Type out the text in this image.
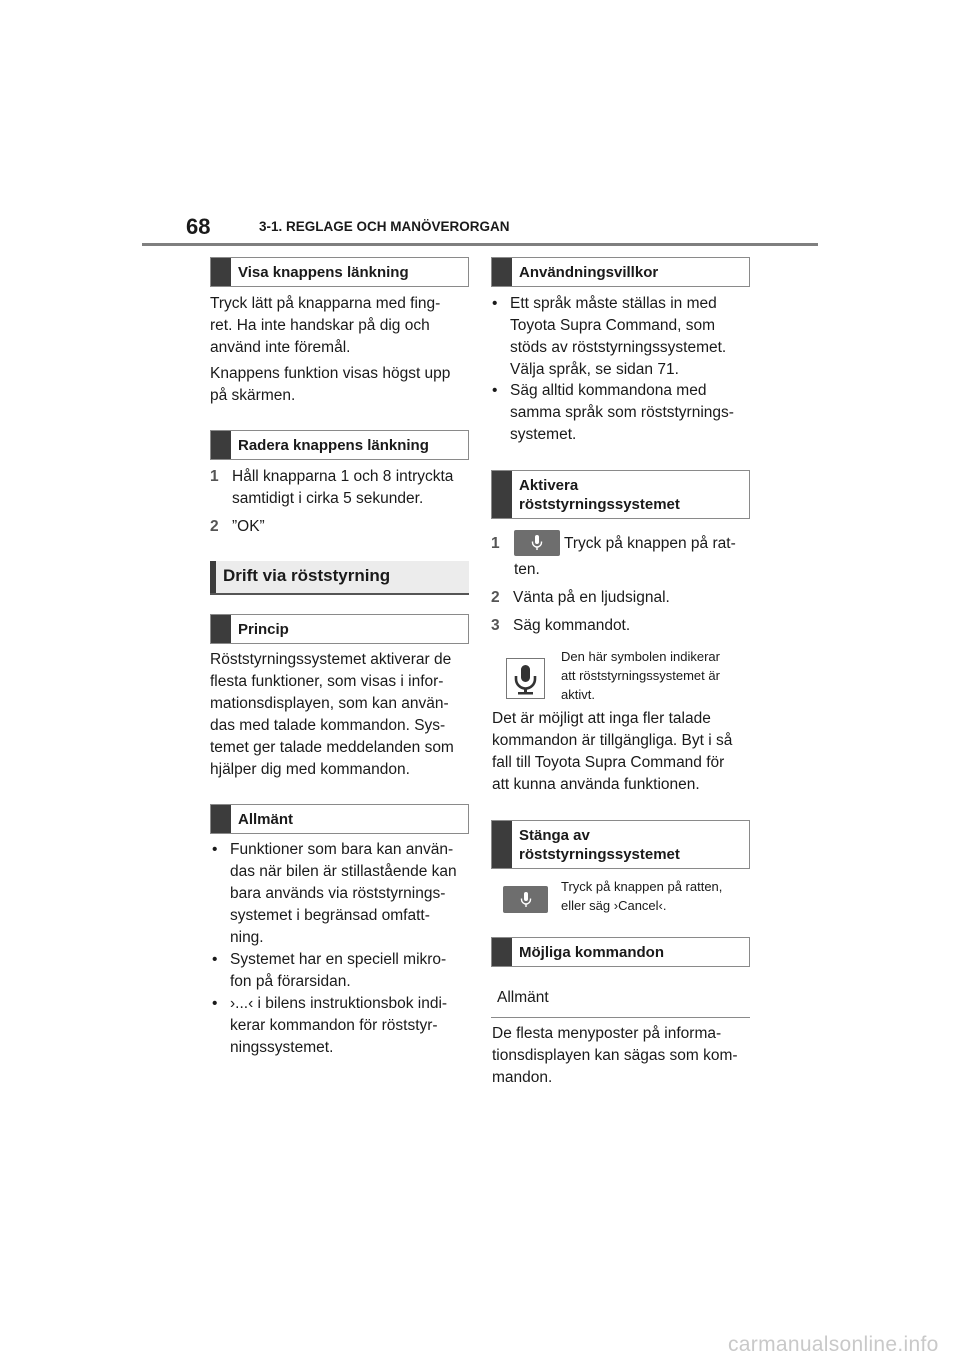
68	3-1. REGLAGE OCH MANÖVERORGAN
Visa knappens länkning
Tryck lätt på knapparna med fing-
ret. Ha inte handskar på dig och
använd inte föremål.
Knappens funktion visas högst upp
på skärmen.
Radera knappens länkning
1 Håll knapparna 1 och 8 intryckta
samtidigt i cirka 5 sekunder.
2 ”OK”
Drift via röststyrning
Princip
Röststyrningssystemet aktiverar de
flesta funktioner, som visas i infor-
mationsdisplayen, som kan använ-
das med talade kommandon. Sys-
temet ger talade meddelanden som
hjälper dig med kommandon.
Allmänt
• Funktioner som bara kan använ-
das när bilen är stillastående kan
bara används via röststyrnings-
systemet i begränsad omfatt-
ning.
• Systemet har en speciell mikro-
fon på förarsidan.
• ›...‹ i bilens instruktionsbok indi-
kerar kommandon för röststyr-
ningssystemet.
Användningsvillkor
• Ett språk måste ställas in med
Toyota Supra Command, som
stöds av röststyrningssystemet.
Välja språk, se sidan 71.
• Säg alltid kommandona med
samma språk som röststyrnings-
systemet.
Aktivera
röststyrningssystemet
1	Tryck på knappen på rat-
ten.
2 Vänta på en ljudsignal.
3 Säg kommandot.
Den här symbolen indikerar
att röststyrningssystemet är
aktivt.
Det är möjligt att inga fler talade
kommandon är tillgängliga. Byt i så
fall till Toyota Supra Command för
att kunna använda funktionen.
Stänga av
röststyrningssystemet
Tryck på knappen på ratten,
eller säg ›Cancel‹.
Möjliga kommandon
Allmänt
De flesta menyposter på informa-
tionsdisplayen kan sägas som kom-
mandon.
carmanualsonline.info
